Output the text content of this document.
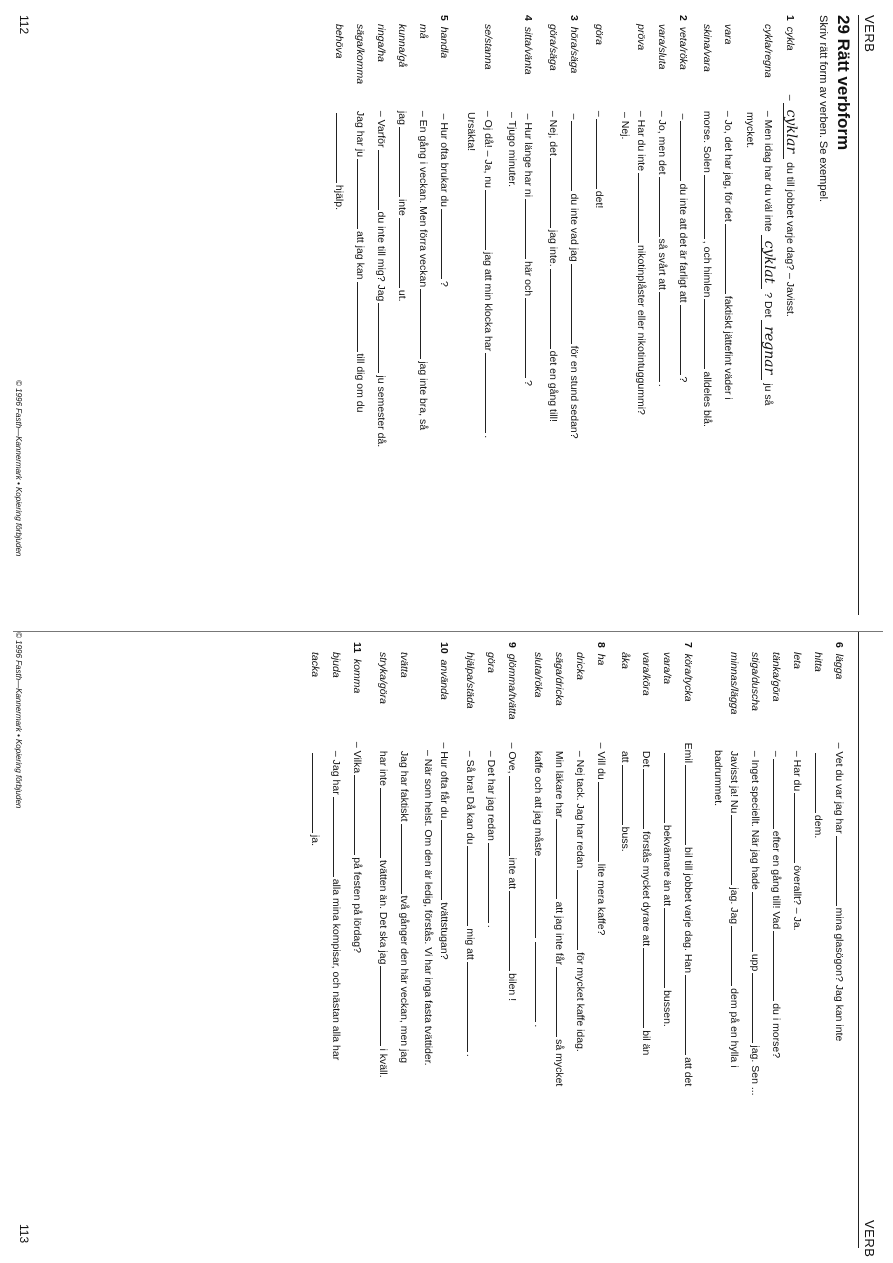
VERB
29 Rätt verbform
Skriv rätt form av verben. Se exempel.
1  cykla– cyklar du till jobbet varje dag? – Javisst.
cykla/regna – Men idag har du väl inte cyklat ? Det regnar ju så
mycket.
vara – Jo, det har jag, för detfaktiskt jättefint väder i
skina/vara morse. Solen, och himlenalldeles blå.
2  veta/röka –du inte att det är farligt att?
vara/sluta – Jo, men detså svårt att.
pröva – Har du intenikotinplåster eller nikotintuggummi?
– Nej.
göra –det!
3  höra/säga –du inte vad jagför en stund sedan?
göra/säga – Nej, detjag inte.det en gång till!
4  sitta/vänta – Hur länge har nihär och?
– Tjugo minuter.
se/stanna – Oj då! – Ja, nujag att min klocka har.
Ursäkta!
5  handla – Hur ofta brukar du?
må – En gång i veckan. Men förra veckanjag inte bra, så
kunna/gå jaginteut.
ringa/ha – Varfördu inte till mig? Jagju semester då.
säga/komma Jag har juatt jag kantill dig om du
behöva hjälp.
© 1996 Fasth—Kannermark • Kopiering förbjuden
112
VERB
6  lägga – Vet du var jag harmina glasögon? Jag kan inte
hitta dem.
leta – Har duöverallt? – Ja.
tänka/göra –efter en gång till! Vaddu i morse?
stiga/duscha – Inget speciellt. När jag hadeuppjag. Sen ...
minnas/lägga Javisst ja! Nujag. Jagdem på en hylla i
badrummet.
7  köra/tycka Emilbil till jobbet varje dag. Hanatt det
vara/ta bekvämare än attbussen.
vara/köra Detförstås mycket dyrare attbil än
åka attbuss.
8  ha – Vill dulite mera kaffe?
dricka – Nej tack. Jag har redanför mycket kaffe idag.
säga/dricka Min läkare haratt jag inte fårså mycket
sluta/röka kaffe och att jag måste.
9  glömma/tvätta – Ove,inte attbilen !
göra – Det har jag redan.
hjälpa/städa – Så bra! Då kan dumig att.
10  använda – Hur ofta får dutvättstugan?
– När som helst. Om den är ledig, förstås. Vi har inga fasta tvättider.
tvätta Jag har faktiskttvå gånger den här veckan, men jag
stryka/göra har intetvätten än. Det ska jagi kväll.
11  komma – Vilkapå festen på lördag?
bjuda – Jag haralla mina kompisar, och nästan alla har
tacka ja.
© 1996 Fasth—Kannermark • Kopiering förbjuden
113
